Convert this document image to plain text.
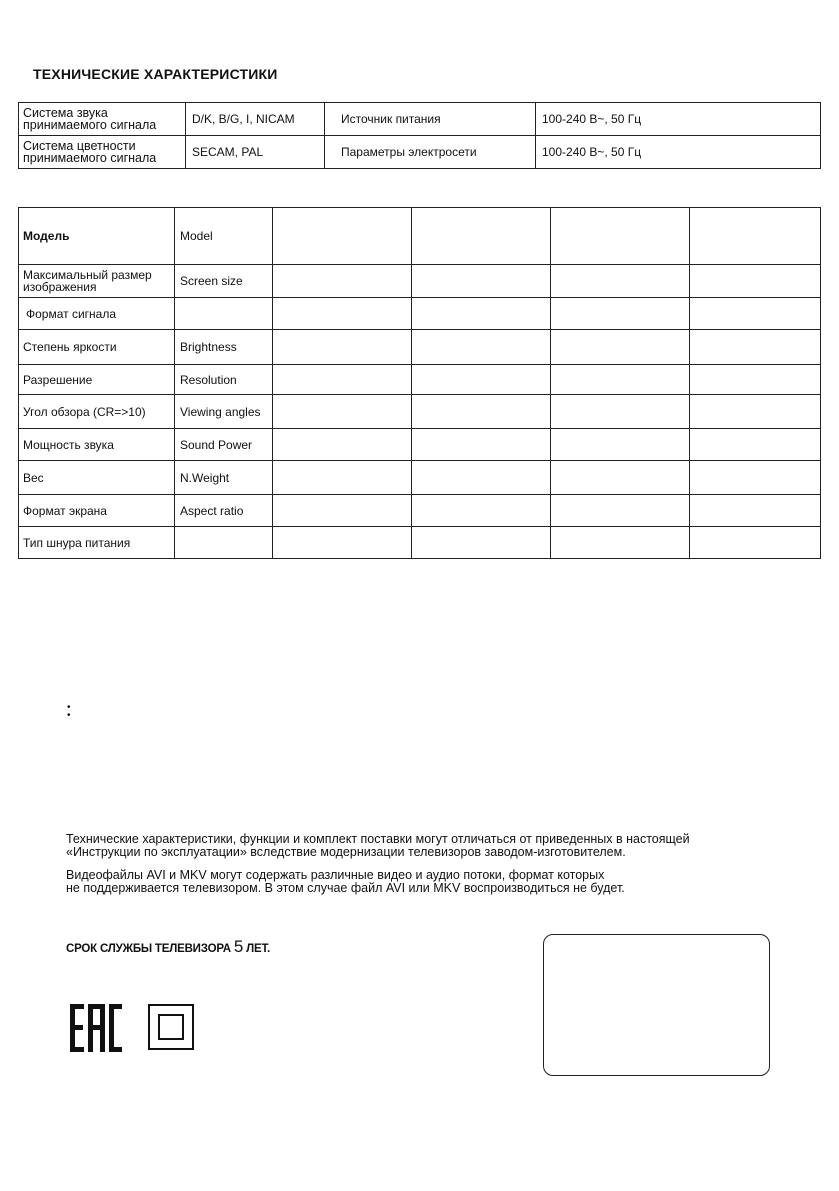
ТЕХНИЧЕСКИЕ ХАРАКТЕРИСТИКИ
Система звука принимаемого сигнала	D/K, B/G, I, NICAM	Источник питания	100-240 В~, 50 Гц
Система цветности принимаемого сигнала	SECAM, PAL	Параметры электросети	100-240 В~, 50 Гц
Модель	Model				
Максимальный размер изображения	Screen size				
Формат сигнала					
Степень яркости	Brightness				
Разрешение	Resolution				
Угол обзора (CR=>10)	Viewing angles				
Мощность звука	Sound Power				
Вес	N.Weight				
Формат экрана	Aspect ratio				
Тип шнура питания					
•
•
Технические характеристики, функции и комплект поставки могут отличаться от приведенных в настоящей
«Инструкции по эксплуатации» вследствие модернизации телевизоров заводом-изготовителем.
Видеофайлы AVI и MKV могут содержать различные видео и аудио потоки, формат которых
не поддерживается телевизором. В этом случае файл AVI или MKV воспроизводиться не будет.
СРОК СЛУЖБЫ ТЕЛЕВИЗОРА 5 ЛЕТ.
